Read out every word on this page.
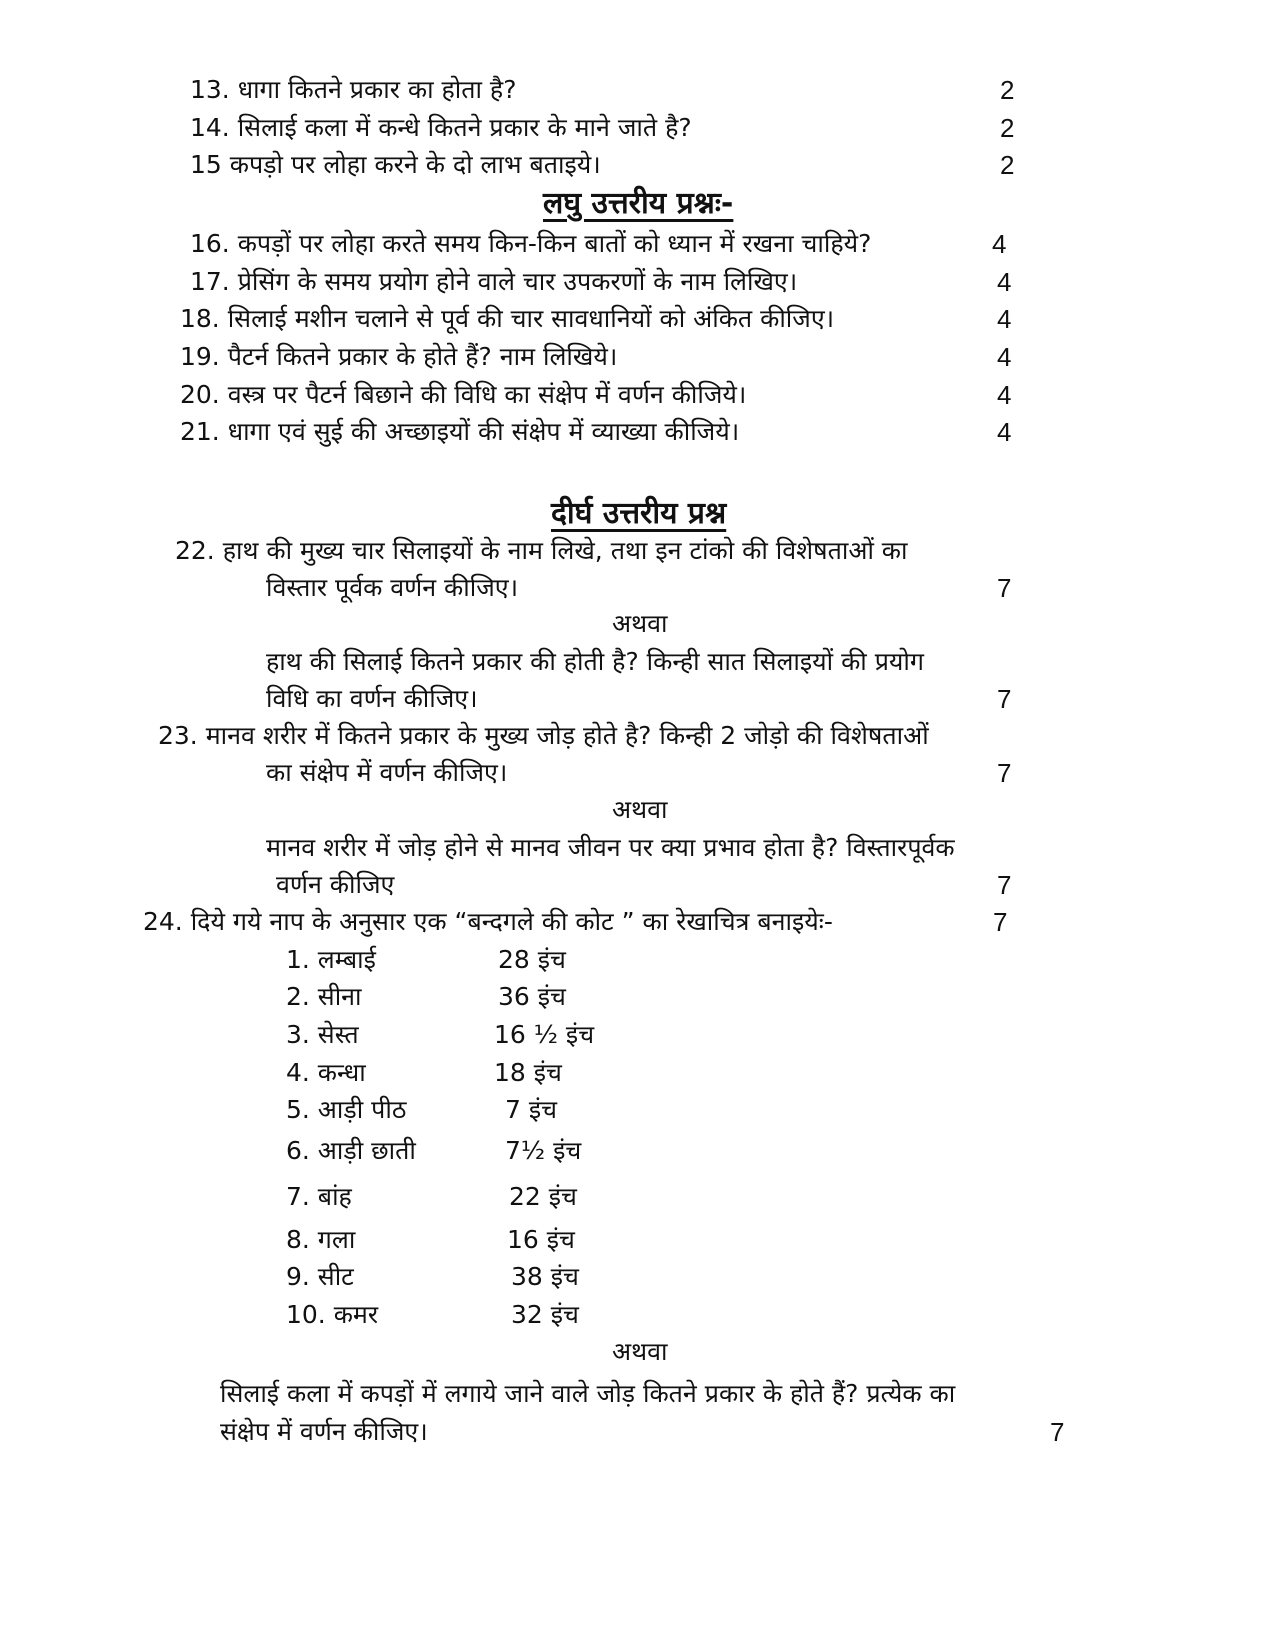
13. धागा कितने प्रकार का होता है?	2
14. सिलाई कला में कन्धे कितने प्रकार के माने जाते है?	2
15 कपड़ो पर लोहा करने के दो लाभ बताइये।	2
लघु उत्तरीय प्रश्नः-
16. कपड़ों पर लोहा करते समय किन-किन बातों को ध्यान में रखना चाहिये?	4
17. प्रेसिंग के समय प्रयोग होने वाले चार उपकरणों के नाम लिखिए।	4
18. सिलाई मशीन चलाने से पूर्व की चार सावधानियों को अंकित कीजिए।	4
19. पैटर्न कितने प्रकार के होते हैं? नाम लिखिये।	4
20. वस्त्र पर पैटर्न बिछाने की विधि का संक्षेप में वर्णन कीजिये।	4
21. धागा एवं सुई की अच्छाइयों की संक्षेप में व्याख्या कीजिये।	4
दीर्घ उत्तरीय प्रश्न
22. हाथ की मुख्य चार सिलाइयों के नाम लिखे, तथा इन टांको की विशेषताओं का
विस्तार पूर्वक वर्णन कीजिए।	7
अथवा
हाथ की सिलाई कितने प्रकार की होती है? किन्ही सात सिलाइयों की प्रयोग
विधि का वर्णन कीजिए।	7
23. मानव शरीर में कितने प्रकार के मुख्य जोड़ होते है? किन्ही 2 जोड़ो की विशेषताओं
का संक्षेप में वर्णन कीजिए।	7
अथवा
मानव शरीर में जोड़ होने से मानव जीवन पर क्या प्रभाव होता है? विस्तारपूर्वक
वर्णन कीजिए	7
24. दिये गये नाप के अनुसार एक “बन्दगले की कोट ” का रेखाचित्र बनाइयेः-	7
1. लम्बाई	28 इंच
2. सीना	36 इंच
3. सेस्त	16 ½ इंच
4. कन्धा	18 इंच
5. आड़ी पीठ	7 इंच
6. आड़ी छाती	7½ इंच
7. बांह	22 इंच
8. गला	16 इंच
9. सीट	38 इंच
10. कमर	32 इंच
अथवा
सिलाई कला में कपड़ों में लगाये जाने वाले जोड़ कितने प्रकार के होते हैं? प्रत्येक का
संक्षेप में वर्णन कीजिए।	7
